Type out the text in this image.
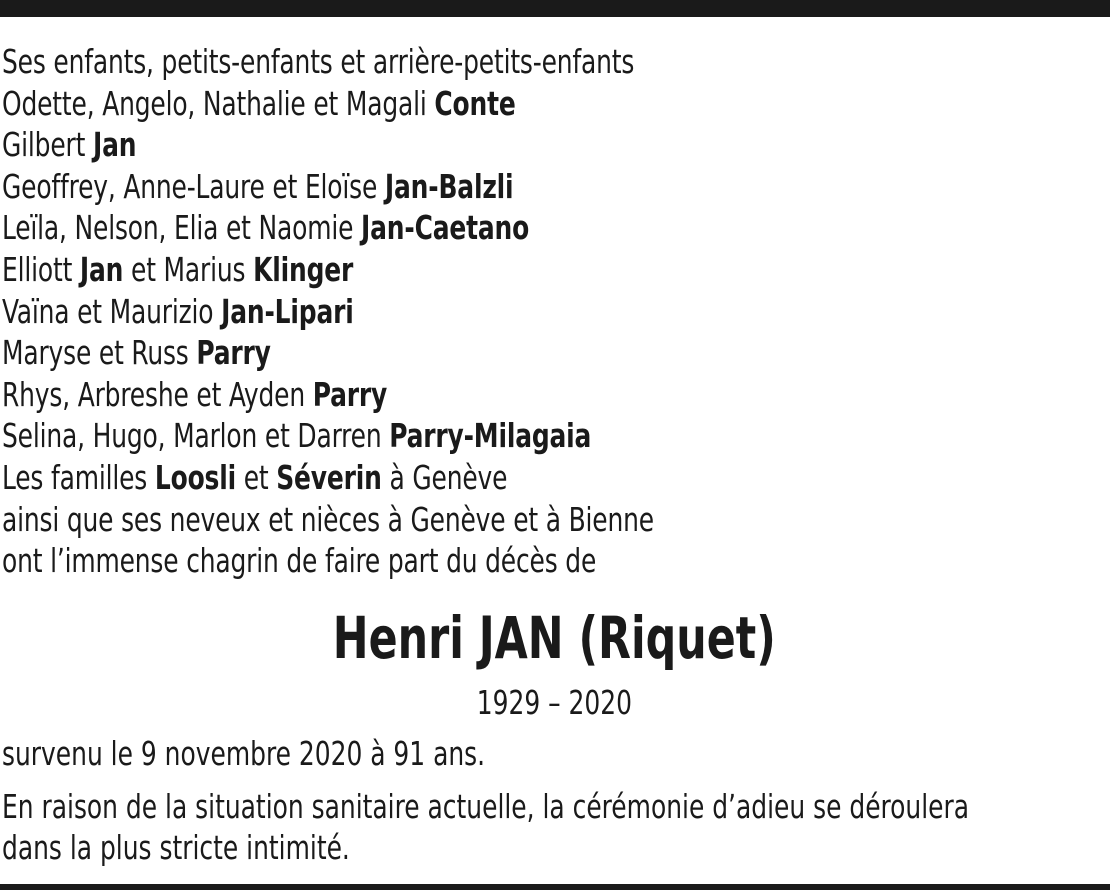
Ses enfants, petits-enfants et arrière-petits-enfants
Odette, Angelo, Nathalie et Magali Conte
Gilbert Jan
Geoffrey, Anne-Laure et Eloïse Jan-Balzli
Leïla, Nelson, Elia et Naomie Jan-Caetano
Elliott Jan et Marius Klinger
Vaïna et Maurizio Jan-Lipari
Maryse et Russ Parry
Rhys, Arbreshe et Ayden Parry
Selina, Hugo, Marlon et Darren Parry-Milagaia
Les familles Loosli et Séverin à Genève
ainsi que ses neveux et nièces à Genève et à Bienne
ont l’immense chagrin de faire part du décès de
Henri JAN (Riquet)
1929 – 2020
survenu le 9 novembre 2020 à 91 ans.
En raison de la situation sanitaire actuelle, la cérémonie d’adieu se déroulera
dans la plus stricte intimité.
